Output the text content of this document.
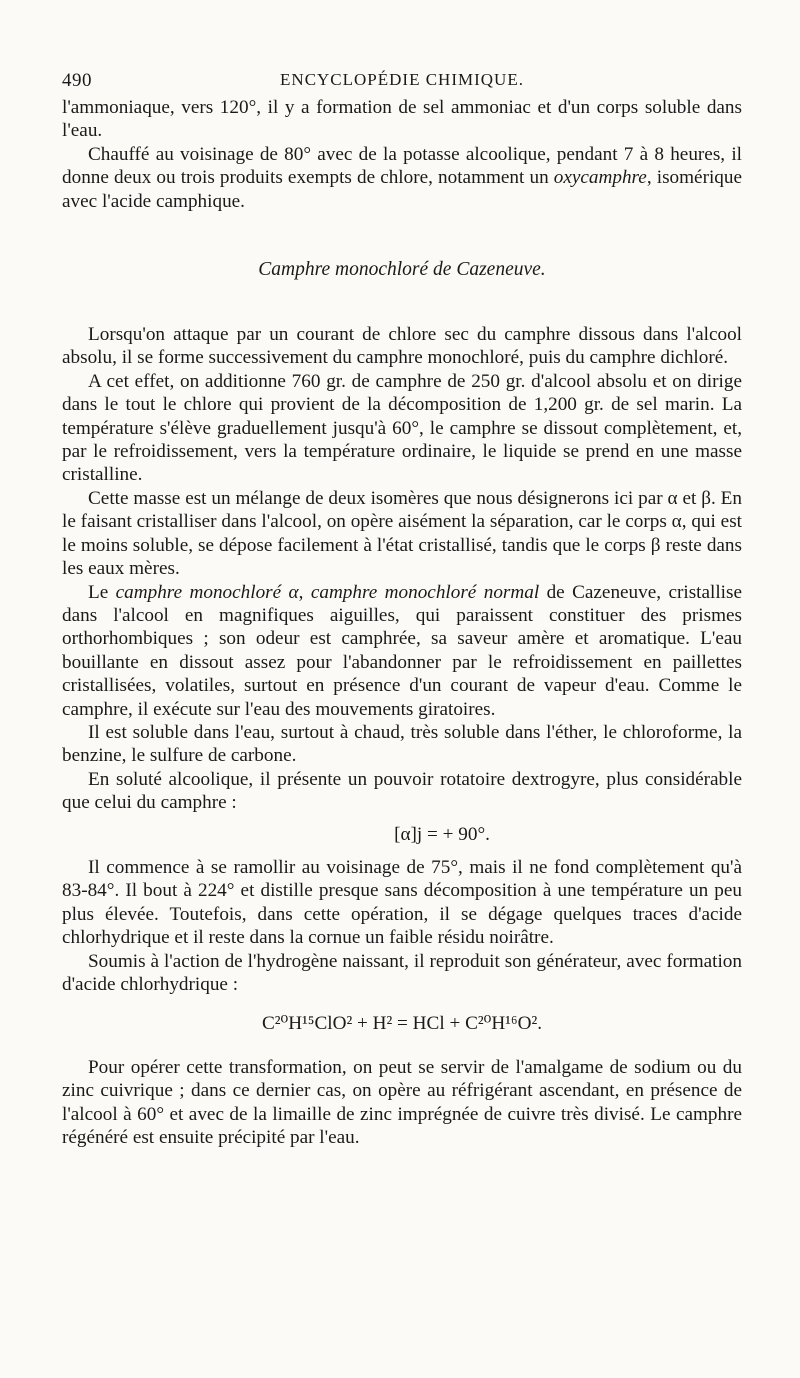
490	ENCYCLOPÉDIE CHIMIQUE.

l'ammoniaque, vers 120°, il y a formation de sel ammoniac et d'un corps soluble dans l'eau.

Chauffé au voisinage de 80° avec de la potasse alcoolique, pendant 7 à 8 heures, il donne deux ou trois produits exempts de chlore, notamment un oxycamphre, isomérique avec l'acide camphique.

Camphre monochloré de Cazeneuve.

Lorsqu'on attaque par un courant de chlore sec du camphre dissous dans l'alcool absolu, il se forme successivement du camphre monochloré, puis du camphre dichloré.

A cet effet, on additionne 760 gr. de camphre de 250 gr. d'alcool absolu et on dirige dans le tout le chlore qui provient de la décomposition de 1,200 gr. de sel marin. La température s'élève graduellement jusqu'à 60°, le camphre se dissout complètement, et, par le refroidissement, vers la température ordinaire, le liquide se prend en une masse cristalline.

Cette masse est un mélange de deux isomères que nous désignerons ici par α et β. En le faisant cristalliser dans l'alcool, on opère aisément la séparation, car le corps α, qui est le moins soluble, se dépose facilement à l'état cristallisé, tandis que le corps β reste dans les eaux mères.

Le camphre monochloré α, camphre monochloré normal de Cazeneuve, cristallise dans l'alcool en magnifiques aiguilles, qui paraissent constituer des prismes orthorhombiques ; son odeur est camphrée, sa saveur amère et aromatique. L'eau bouillante en dissout assez pour l'abandonner par le refroidissement en paillettes cristallisées, volatiles, surtout en présence d'un courant de vapeur d'eau. Comme le camphre, il exécute sur l'eau des mouvements giratoires.

Il est soluble dans l'eau, surtout à chaud, très soluble dans l'éther, le chloroforme, la benzine, le sulfure de carbone.

En soluté alcoolique, il présente un pouvoir rotatoire dextrogyre, plus considérable que celui du camphre :

[α]j = + 90°.

Il commence à se ramollir au voisinage de 75°, mais il ne fond complètement qu'à 83-84°. Il bout à 224° et distille presque sans décomposition à une température un peu plus élevée. Toutefois, dans cette opération, il se dégage quelques traces d'acide chlorhydrique et il reste dans la cornue un faible résidu noirâtre.

Soumis à l'action de l'hydrogène naissant, il reproduit son générateur, avec formation d'acide chlorhydrique :

C²⁰H¹⁵ClO² + H² = HCl + C²⁰H¹⁶O².

Pour opérer cette transformation, on peut se servir de l'amalgame de sodium ou du zinc cuivrique ; dans ce dernier cas, on opère au réfrigérant ascendant, en présence de l'alcool à 60° et avec de la limaille de zinc imprégnée de cuivre très divisé. Le camphre régénéré est ensuite précipité par l'eau.
